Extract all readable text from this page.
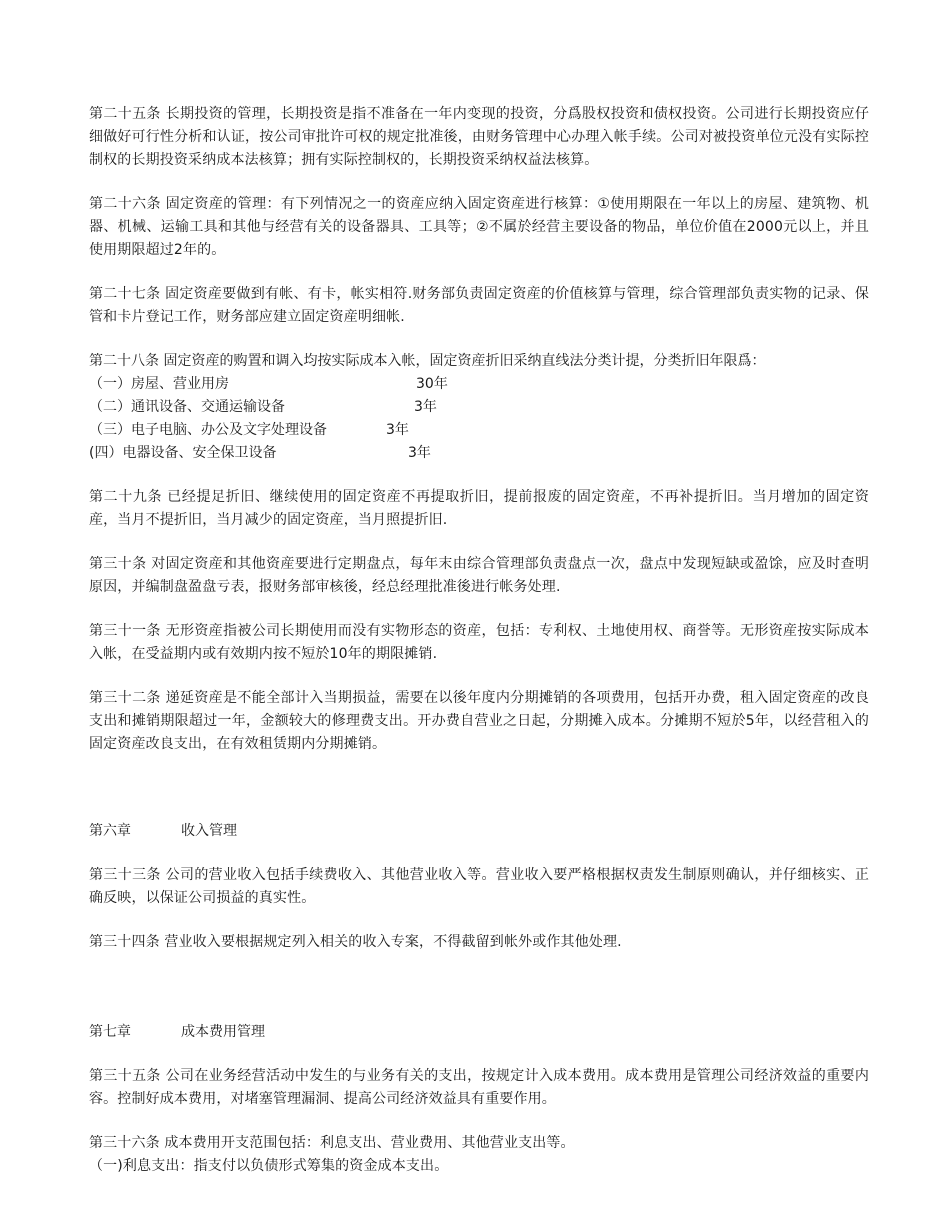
第二十五条 长期投资的管理，长期投资是指不准备在一年内变现的投资，分爲股权投资和债权投资。公司进行长期投资应仔细做好可行性分析和认证，按公司审批许可权的规定批准後，由财务管理中心办理入帐手续。公司对被投资单位元没有实际控制权的长期投资采纳成本法核算；拥有实际控制权的，长期投资采纳权益法核算。

第二十六条 固定资産的管理：有下列情况之一的资産应纳入固定资産进行核算：①使用期限在一年以上的房屋、建筑物、机器、机械、运输工具和其他与经营有关的设备器具、工具等；②不属於经营主要设备的物品，单位价值在2000元以上，并且使用期限超过2年的。

第二十七条 固定资産要做到有帐、有卡，帐实相符.财务部负责固定资産的价值核算与管理，综合管理部负责实物的记录、保管和卡片登记工作，财务部应建立固定资産明细帐.

第二十八条 固定资産的购置和调入均按实际成本入帐，固定资産折旧采纳直线法分类计提，分类折旧年限爲：
（一）房屋、营业用房	30年
（二）通讯设备、交通运输设备	3年
（三）电子电脑、办公及文字处理设备	3年
(四）电器设备、安全保卫设备	3年

第二十九条 已经提足折旧、继续使用的固定资産不再提取折旧，提前报废的固定资産，不再补提折旧。当月增加的固定资産，当月不提折旧，当月减少的固定资産，当月照提折旧.

第三十条 对固定资産和其他资産要进行定期盘点，每年末由综合管理部负责盘点一次，盘点中发现短缺或盈馀，应及时查明原因，并编制盘盈盘亏表，报财务部审核後，经总经理批准後进行帐务处理.

第三十一条 无形资産指被公司长期使用而没有实物形态的资産，包括：专利权、土地使用权、商誉等。无形资産按实际成本入帐，在受益期内或有效期内按不短於10年的期限摊销.

第三十二条 递延资産是不能全部计入当期损益，需要在以後年度内分期摊销的各项费用，包括开办费，租入固定资産的改良支出和摊销期限超过一年，金额较大的修理费支出。开办费自营业之日起，分期摊入成本。分摊期不短於5年，以经营租入的固定资産改良支出，在有效租赁期内分期摊销。

第六章	收入管理

第三十三条 公司的营业收入包括手续费收入、其他营业收入等。营业收入要严格根据权责发生制原则确认，并仔细核实、正确反映，以保证公司损益的真实性。

第三十四条 营业收入要根据规定列入相关的收入专案，不得截留到帐外或作其他处理.

第七章	成本费用管理

第三十五条 公司在业务经营活动中发生的与业务有关的支出，按规定计入成本费用。成本费用是管理公司经济效益的重要内容。控制好成本费用，对堵塞管理漏洞、提高公司经济效益具有重要作用。

第三十六条 成本费用开支范围包括：利息支出、营业费用、其他营业支出等。

（一)利息支出：指支付以负债形式筹集的资金成本支出。
